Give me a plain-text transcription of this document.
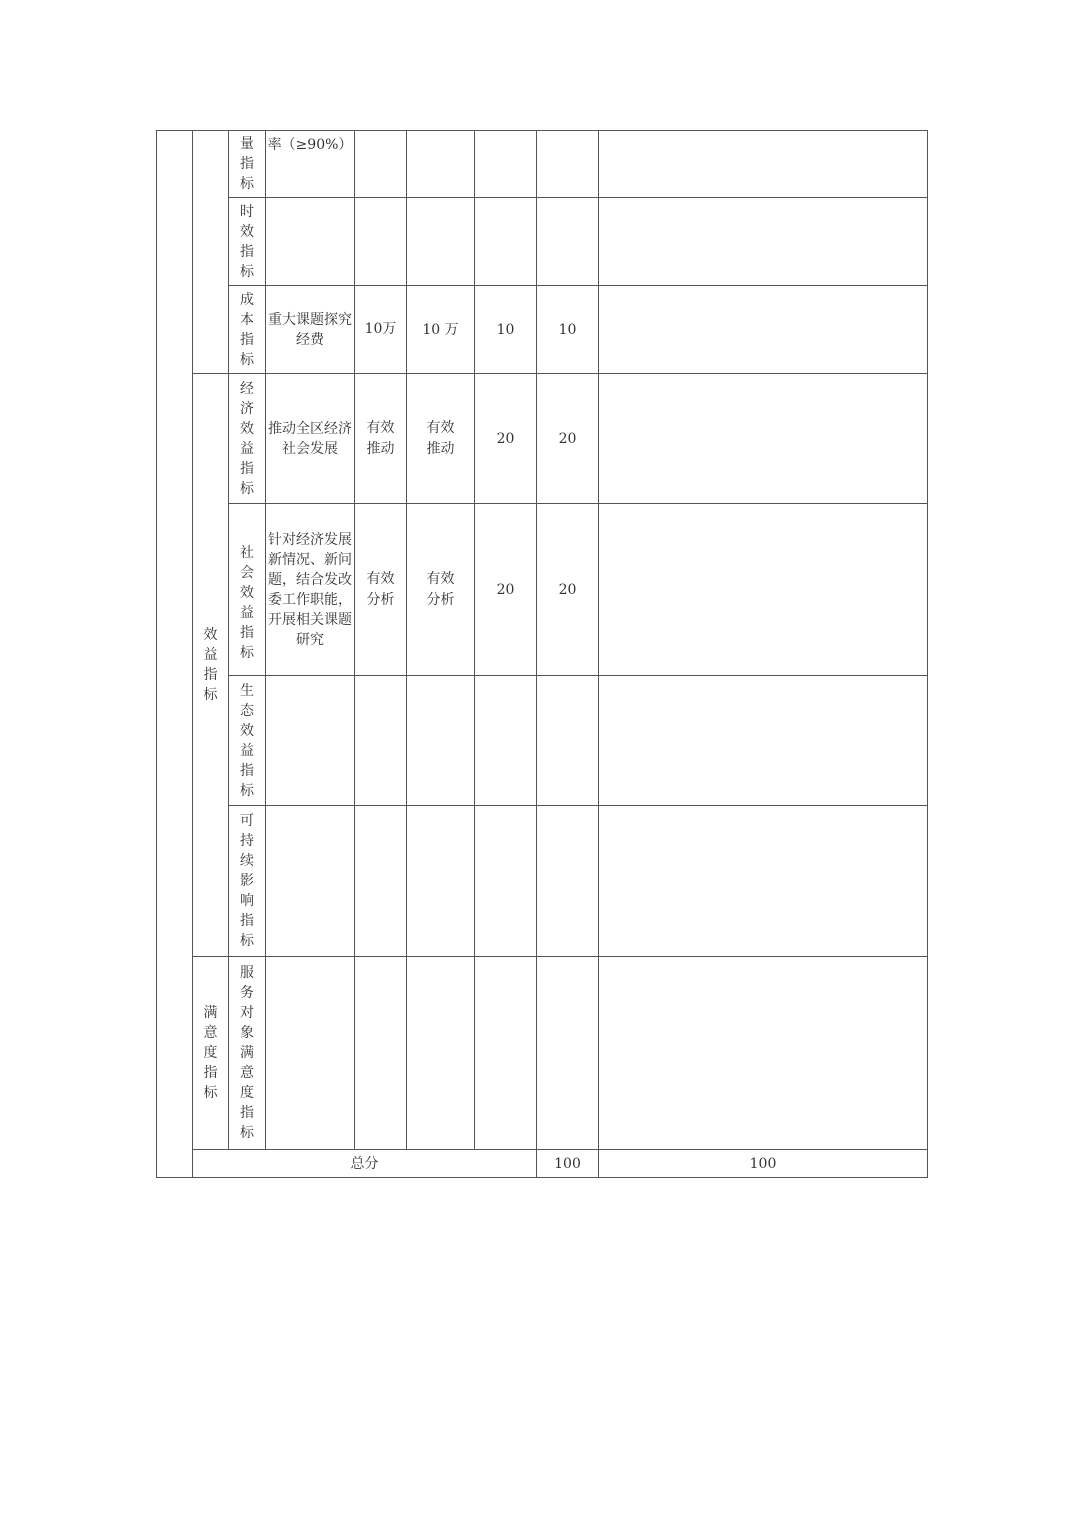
		量指标	率（≥90%）						

		时效指标							

		成本指标	重大课题探究经费	10万	10 万	10	10		

	效益指标	经济效益指标	推动全区经济社会发展	有效推动	有效推动	20	20		

		社会效益指标	针对经济发展新情况、新问题，结合发改委工作职能，开展相关课题研究	有效分析	有效分析	20	20		

		生态效益指标							

		可持续影响指标							

	满意度指标	服务对象满意度指标							

	总分						100	100	
